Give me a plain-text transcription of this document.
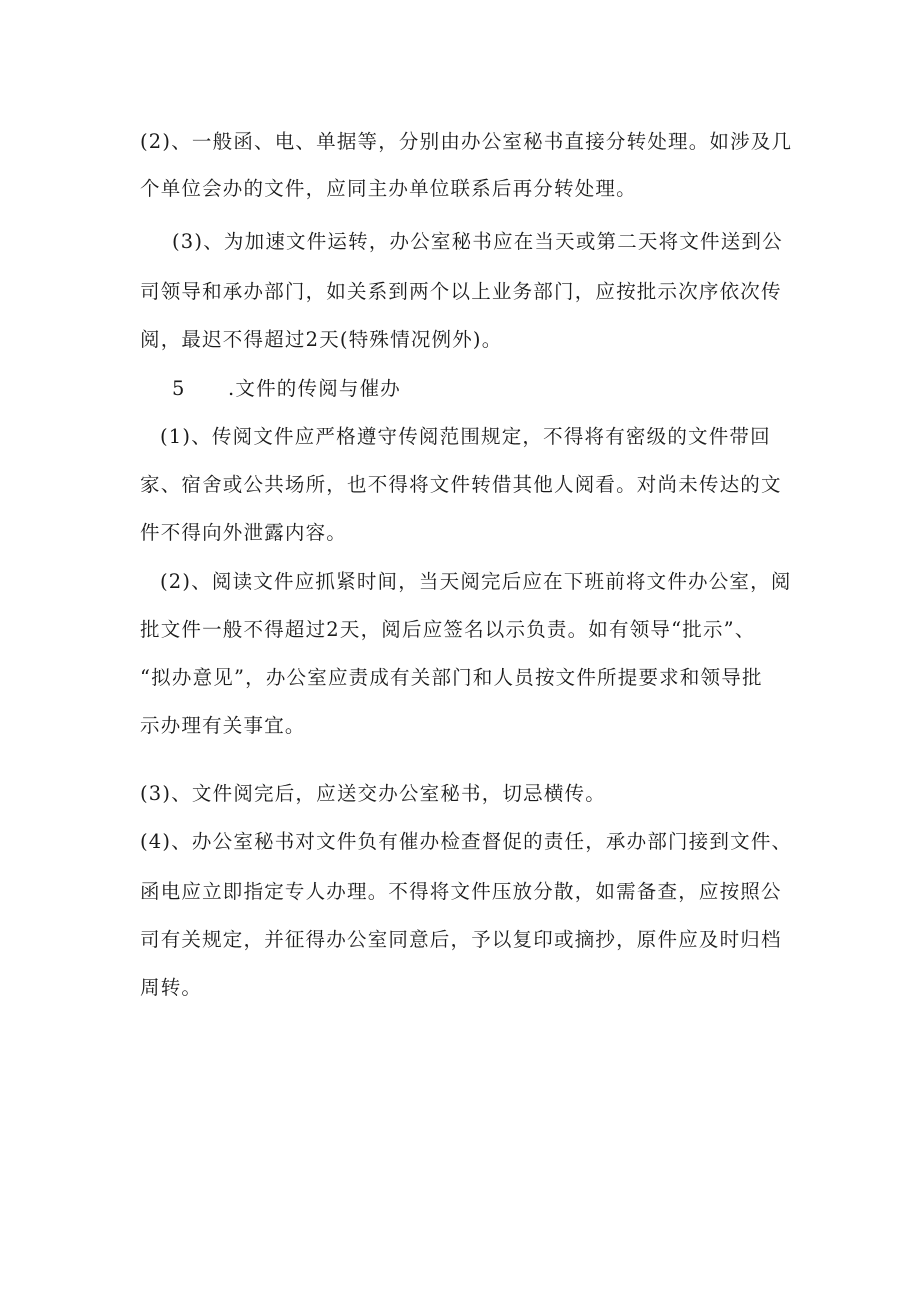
(2)、一般函、电、单据等，分别由办公室秘书直接分转处理。如涉及几
个单位会办的文件，应同主办单位联系后再分转处理。
(3)、为加速文件运转，办公室秘书应在当天或第二天将文件送到公
司领导和承办部门，如关系到两个以上业务部门，应按批示次序依次传
阅，最迟不得超过2天(特殊情况例外)。
5 .文件的传阅与催办
(1)、传阅文件应严格遵守传阅范围规定，不得将有密级的文件带回
家、宿舍或公共场所，也不得将文件转借其他人阅看。对尚未传达的文
件不得向外泄露内容。
(2)、阅读文件应抓紧时间，当天阅完后应在下班前将文件办公室，阅
批文件一般不得超过2天，阅后应签名以示负责。如有领导“批示”、
“拟办意见”，办公室应责成有关部门和人员按文件所提要求和领导批
示办理有关事宜。
(3)、文件阅完后，应送交办公室秘书，切忌横传。
(4)、办公室秘书对文件负有催办检查督促的责任，承办部门接到文件、
函电应立即指定专人办理。不得将文件压放分散，如需备查，应按照公
司有关规定，并征得办公室同意后，予以复印或摘抄，原件应及时归档
周转。
